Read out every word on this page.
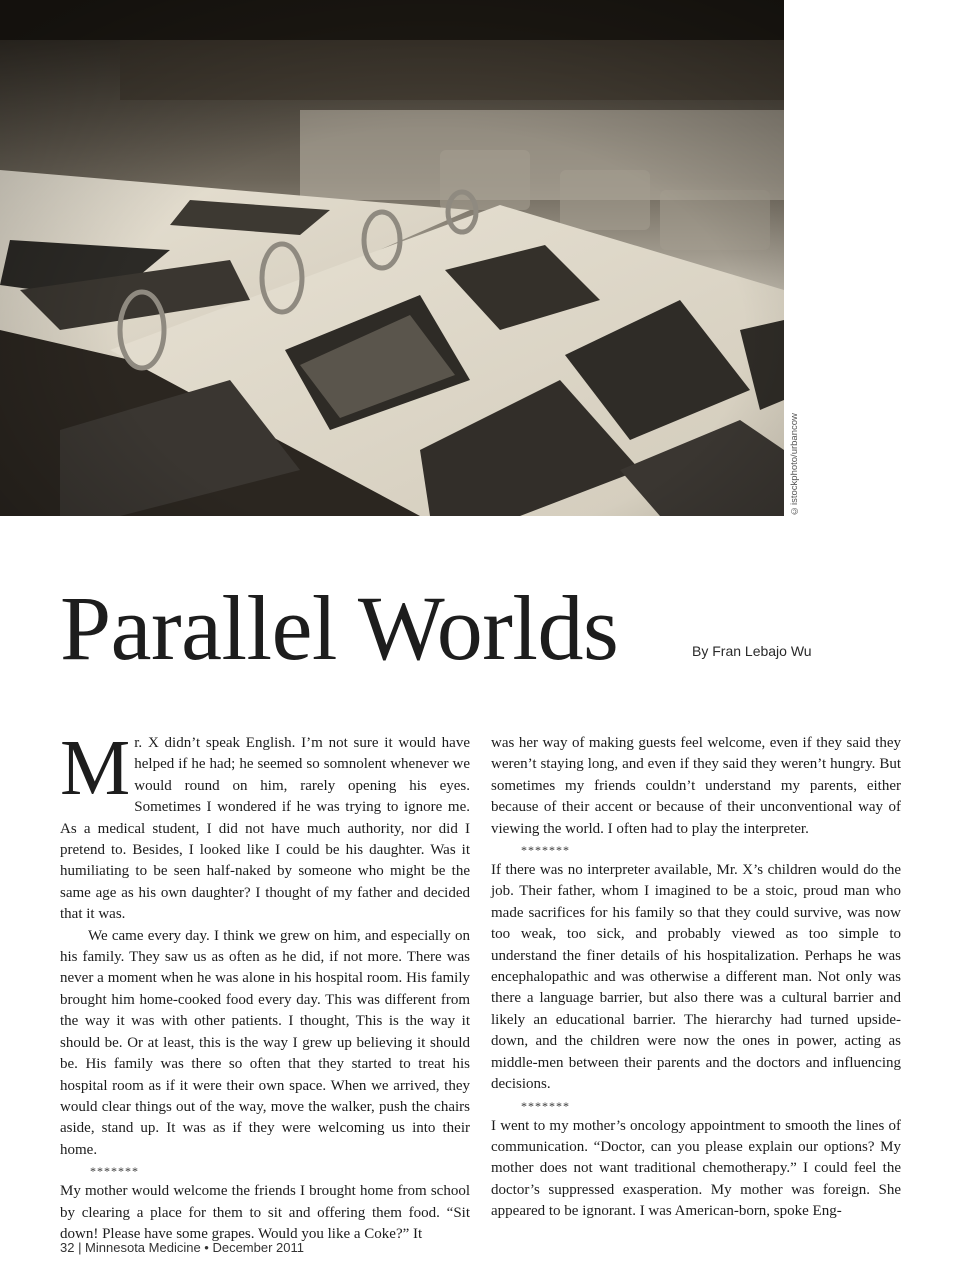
©istockphoto/urbancow
Parallel Worlds	By Fran Lebajo Wu

Mr. X didn’t speak English. I’m not sure it would have helped if he had; he seemed so somnolent whenever we would round on him, rarely opening his eyes. Sometimes I wondered if he was trying to ignore me. As a medical student, I did not have much authority, nor did I pretend to. Besides, I looked like I could be his daughter. Was it humiliating to be seen half-naked by someone who might be the same age as his own daughter? I thought of my father and decided that it was.

We came every day. I think we grew on him, and especially on his family. They saw us as often as he did, if not more. There was never a moment when he was alone in his hospital room. His family brought him home-cooked food every day. This was different from the way it was with other patients. I thought, This is the way it should be. Or at least, this is the way I grew up believing it should be. His family was there so often that they started to treat his hospital room as if it were their own space. When we arrived, they would clear things out of the way, move the walker, push the chairs aside, stand up. It was as if they were welcoming us into their home.

*******

My mother would welcome the friends I brought home from school by clearing a place for them to sit and offering them food. “Sit down! Please have some grapes. Would you like a Coke?” It

was her way of making guests feel welcome, even if they said they weren’t staying long, and even if they said they weren’t hungry. But sometimes my friends couldn’t understand my parents, either because of their accent or because of their unconventional way of viewing the world. I often had to play the interpreter.

*******

If there was no interpreter available, Mr. X’s children would do the job. Their father, whom I imagined to be a stoic, proud man who made sacrifices for his family so that they could survive, was now too weak, too sick, and probably viewed as too simple to understand the finer details of his hospitalization. Perhaps he was encephalopathic and was otherwise a different man. Not only was there a language barrier, but also there was a cultural barrier and likely an educational barrier. The hierarchy had turned upside-down, and the children were now the ones in power, acting as middle-men between their parents and the doctors and influencing decisions.

*******

I went to my mother’s oncology appointment to smooth the lines of communication. “Doctor, can you please explain our options? My mother does not want traditional chemotherapy.” I could feel the doctor’s suppressed exasperation. My mother was foreign. She appeared to be ignorant. I was American-born, spoke Eng-

32 | Minnesota Medicine • December 2011
